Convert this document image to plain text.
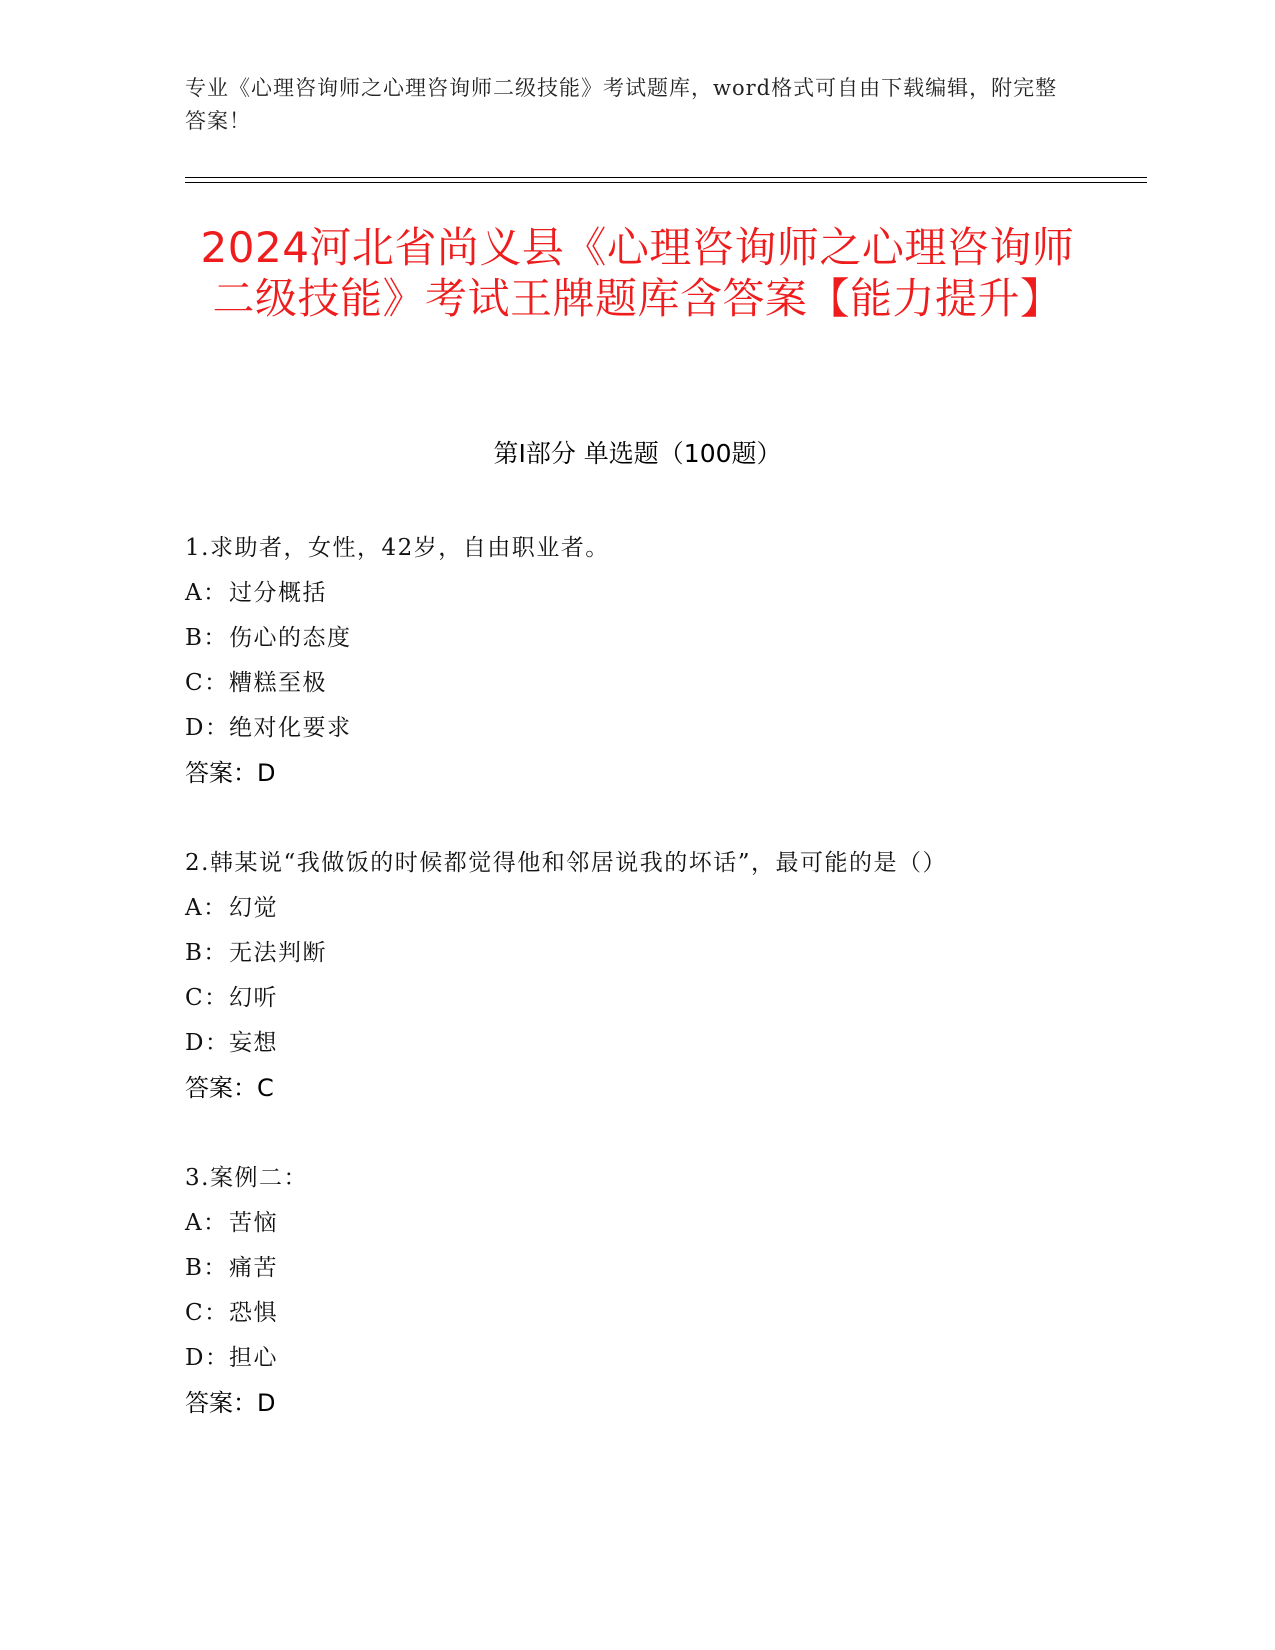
专业《心理咨询师之心理咨询师二级技能》考试题库，word格式可自由下载编辑，附完整答案！
2024河北省尚义县《心理咨询师之心理咨询师二级技能》考试王牌题库含答案【能力提升】
第I部分 单选题（100题）

1.求助者，女性，42岁，自由职业者。

A：过分概括

B：伤心的态度

C：糟糕至极

D：绝对化要求

答案：D

2.韩某说“我做饭的时候都觉得他和邻居说我的坏话”，最可能的是（）

A：幻觉

B：无法判断

C：幻听

D：妄想

答案：C

3.案例二：

A：苦恼

B：痛苦

C：恐惧

D：担心

答案：D
